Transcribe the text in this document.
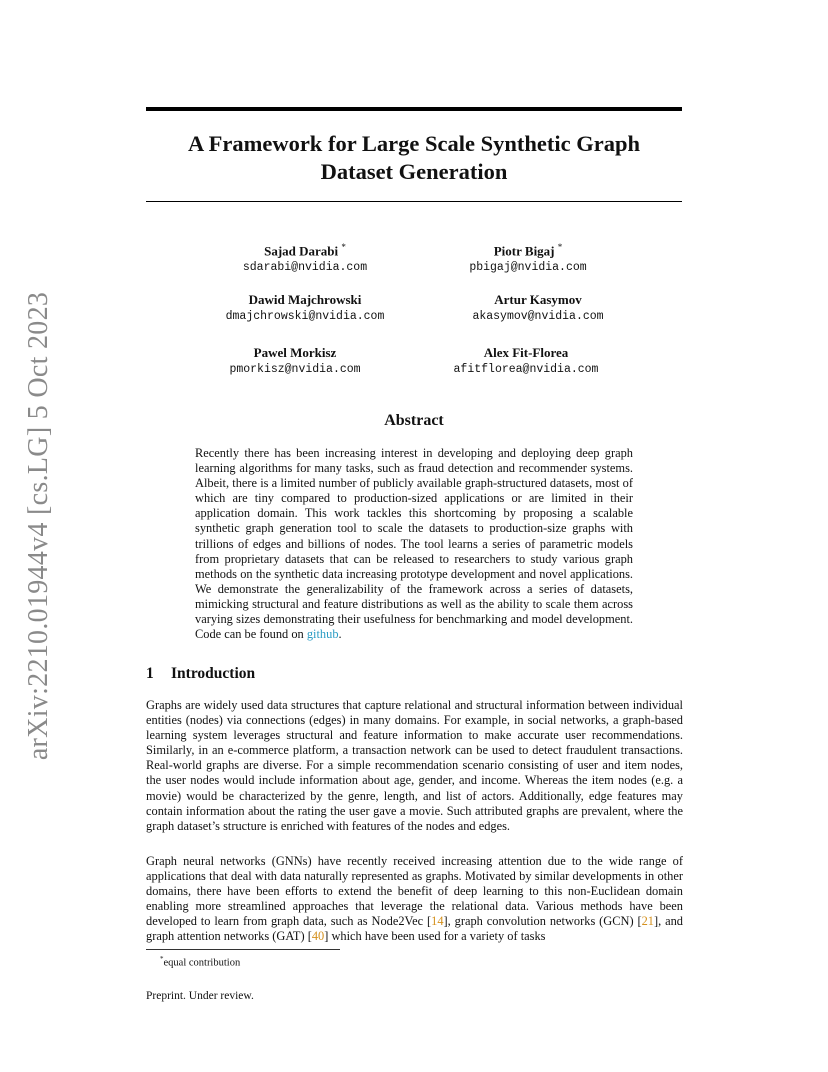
arXiv:2210.01944v4 [cs.LG] 5 Oct 2023
A Framework for Large Scale Synthetic Graph
Dataset Generation
Sajad Darabi *
sdarabi@nvidia.com
Piotr Bigaj *
pbigaj@nvidia.com
Dawid Majchrowski
dmajchrowski@nvidia.com
Artur Kasymov
akasymov@nvidia.com
Pawel Morkisz
pmorkisz@nvidia.com
Alex Fit-Florea
afitflorea@nvidia.com
Abstract

Recently there has been increasing interest in developing and deploying deep graph learning algorithms for many tasks, such as fraud detection and recommender systems. Albeit, there is a limited number of publicly available graph-structured datasets, most of which are tiny compared to production-sized applications or are limited in their application domain. This work tackles this shortcoming by proposing a scalable synthetic graph generation tool to scale the datasets to production-size graphs with trillions of edges and billions of nodes. The tool learns a series of parametric models from proprietary datasets that can be released to researchers to study various graph methods on the synthetic data increasing prototype development and novel applications. We demonstrate the generalizability of the framework across a series of datasets, mimicking structural and feature distributions as well as the ability to scale them across varying sizes demonstrating their usefulness for benchmarking and model development. Code can be found on github.

1 Introduction

Graphs are widely used data structures that capture relational and structural information between individual entities (nodes) via connections (edges) in many domains. For example, in social networks, a graph-based learning system leverages structural and feature information to make accurate user recommendations. Similarly, in an e-commerce platform, a transaction network can be used to detect fraudulent transactions. Real-world graphs are diverse. For a simple recommendation scenario consisting of user and item nodes, the user nodes would include information about age, gender, and income. Whereas the item nodes (e.g. a movie) would be characterized by the genre, length, and list of actors. Additionally, edge features may contain information about the rating the user gave a movie. Such attributed graphs are prevalent, where the graph dataset’s structure is enriched with features of the nodes and edges.

Graph neural networks (GNNs) have recently received increasing attention due to the wide range of applications that deal with data naturally represented as graphs. Motivated by similar developments in other domains, there have been efforts to extend the benefit of deep learning to this non-Euclidean domain enabling more streamlined approaches that leverage the relational data. Various methods have been developed to learn from graph data, such as Node2Vec [14], graph convolution networks (GCN) [21], and graph attention networks (GAT) [40] which have been used for a variety of tasks

*equal contribution
Preprint. Under review.
